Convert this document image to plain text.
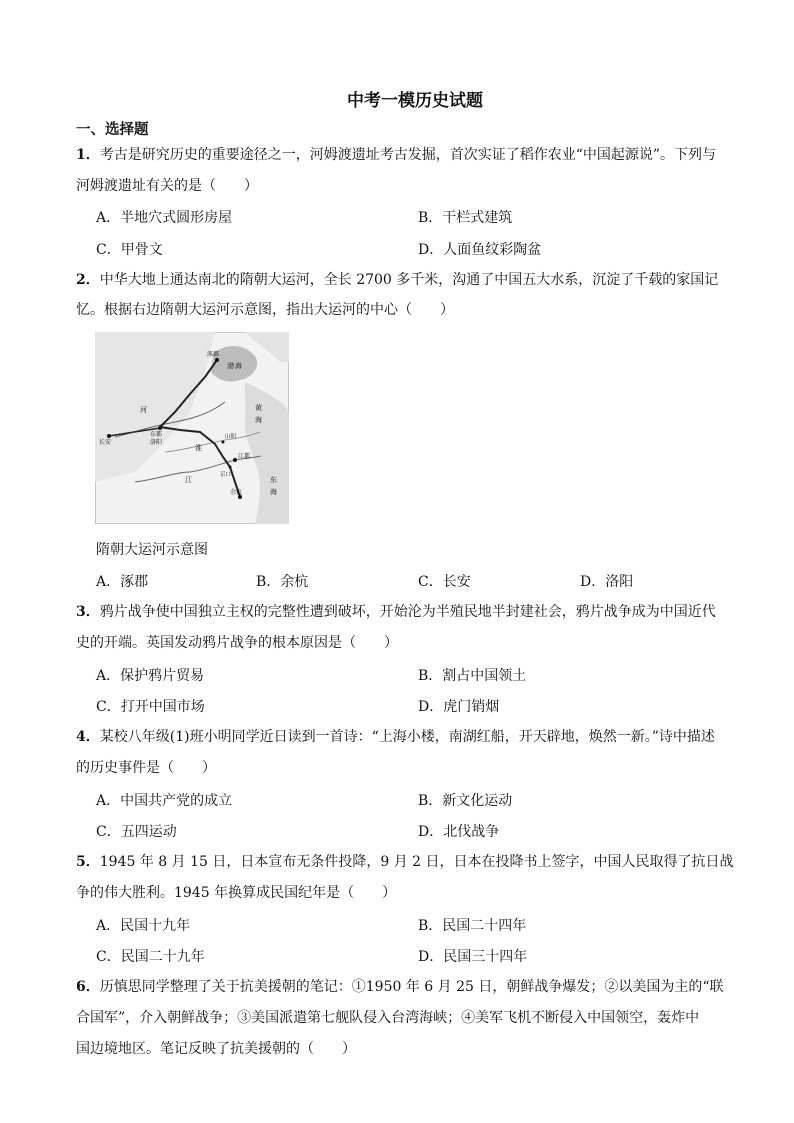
中考一模历史试题
一、选择题
1．考古是研究历史的重要途径之一，河姆渡遗址考古发掘，首次实证了稻作农业“中国起源说”。下列与
河姆渡遗址有关的是（　　）
A．半地穴式圆形房屋	B．干栏式建筑
C．甲骨文	D．人面鱼纹彩陶盆
2．中华大地上通达南北的隋朝大运河，全长 2700 多千米，沟通了中国五大水系，沉淀了千载的家国记
忆。根据右边隋朝大运河示意图，指出大运河的中心（　　）
涿郡
渤 海
长安
东都
洛阳
黄
海
江都
余杭
东
海
江
河
淮
山阳
京口
隋朝大运河示意图
A．涿郡	B．余杭	C．长安	D．洛阳
3．鸦片战争使中国独立主权的完整性遭到破坏，开始沦为半殖民地半封建社会，鸦片战争成为中国近代
史的开端。英国发动鸦片战争的根本原因是（　　）
A．保护鸦片贸易	B．割占中国领土
C．打开中国市场	D．虎门销烟
4．某校八年级(1)班小明同学近日读到一首诗：“上海小楼，南湖红船，开天辟地，焕然一新。”诗中描述
的历史事件是（　　）
A．中国共产党的成立	B．新文化运动
C．五四运动	D．北伐战争
5．1945 年 8 月 15 日，日本宣布无条件投降，9 月 2 日，日本在投降书上签字，中国人民取得了抗日战
争的伟大胜利。1945 年换算成民国纪年是（　　）
A．民国十九年	B．民国二十四年
C．民国二十九年	D．民国三十四年
6．历慎思同学整理了关于抗美援朝的笔记：①1950 年 6 月 25 日，朝鲜战争爆发；②以美国为主的“联
合国军”，介入朝鲜战争；③美国派遣第七舰队侵入台湾海峡；④美军飞机不断侵入中国领空，轰炸中
国边境地区。笔记反映了抗美援朝的（　　）
